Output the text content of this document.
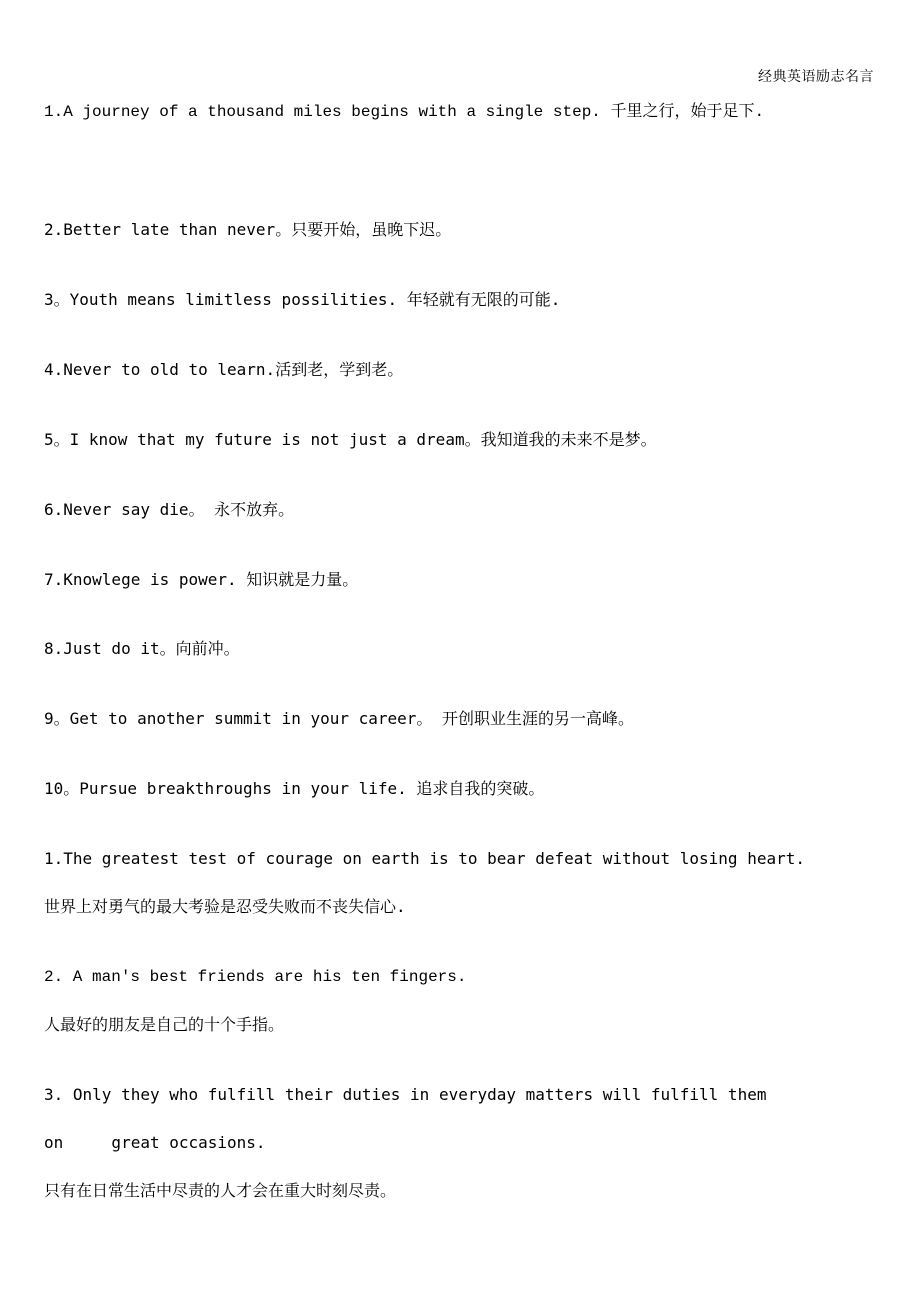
经典英语励志名言
1.A journey of a thousand miles begins with a single step. 千里之行，始于足下.
2.Better late than never。只要开始，虽晚下迟。
3。Youth means limitless possilities. 年轻就有无限的可能.
4.Never to old to learn.活到老，学到老。
5。I know that my future is not just a dream。我知道我的未来不是梦。
6.Never say die。 永不放弃。
7.Knowlege is power. 知识就是力量。
8.Just do it。向前冲。
9。Get to another summit in your career。 开创职业生涯的另一高峰。
10。Pursue breakthroughs in your life. 追求自我的突破。
1.The greatest test of courage on earth is to bear defeat without losing heart.
世界上对勇气的最大考验是忍受失败而不丧失信心.
2. A man's best friends are his ten fingers.
人最好的朋友是自己的十个手指。
3. Only they who fulfill their duties in everyday matters will fulfill them
on     great occasions.
只有在日常生活中尽责的人才会在重大时刻尽责。
